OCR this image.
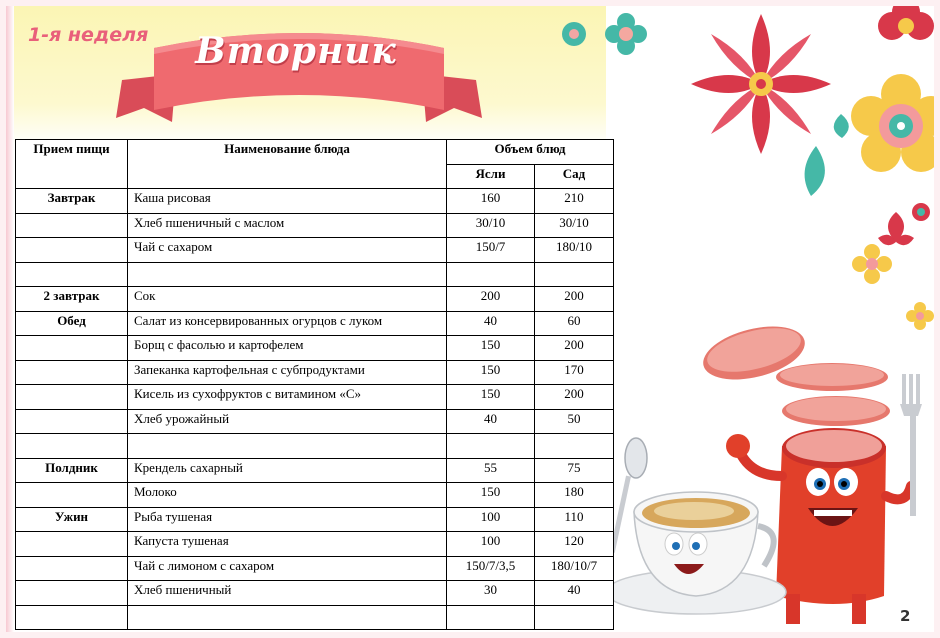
1-я неделя	Вторник
Прием пищи	Наименование блюда	Объем блюд	
		Ясли	Сад
Завтрак	Каша рисовая	160	210
	Хлеб пшеничный с маслом	30/10	30/10
	Чай с сахаром	150/7	180/10

2 завтрак	Сок	200	200
Обед	Салат из консервированных огурцов с луком	40	60
	Борщ с фасолью и картофелем	150	200
	Запеканка картофельная с субпродуктами	150	170
	Кисель из сухофруктов с витамином «С»	150	200
	Хлеб урожайный	40	50

Полдник	Крендель сахарный	55	75
	Молоко	150	180
Ужин	Рыба тушеная	100	110
	Капуста тушеная	100	120
	Чай с лимоном с сахаром	150/7/3,5	180/10/7
	Хлеб пшеничный	30	40

2
